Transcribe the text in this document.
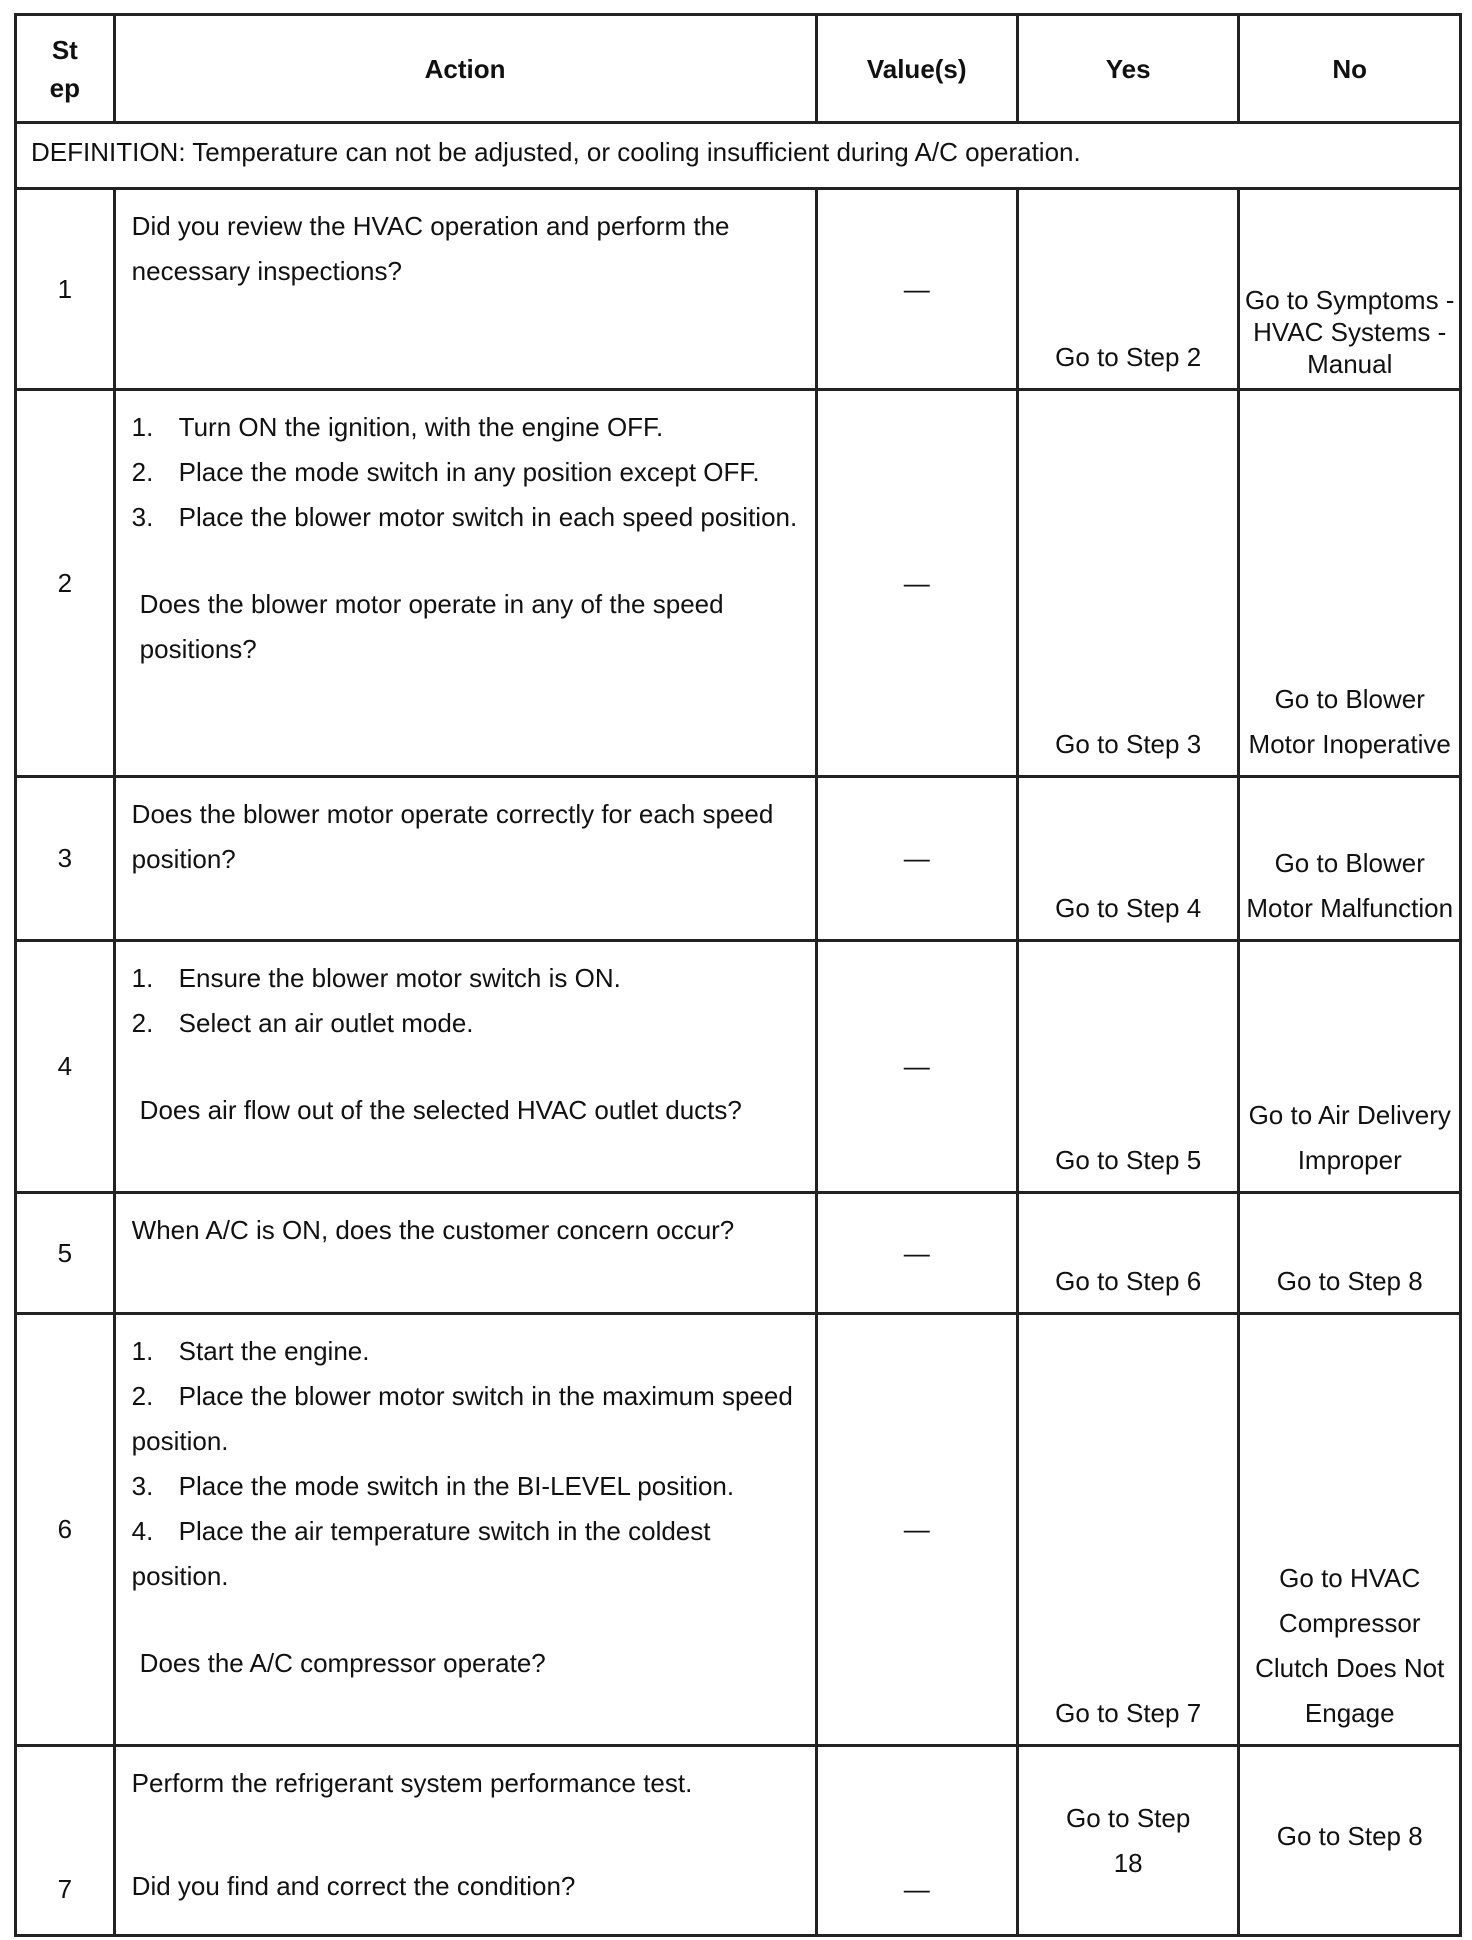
St
ep	Action	Value(s)	Yes	No
DEFINITION: Temperature can not be adjusted, or cooling insufficient during A/C operation.				
1	Did you review the HVAC operation and perform the necessary inspections?	—	Go to Step 2	Go to Symptoms - HVAC Systems - Manual
2	1. Turn ON the ignition, with the engine OFF.
2. Place the mode switch in any position except OFF.
3. Place the blower motor switch in each speed position.
Does the blower motor operate in any of the speed positions?	—	Go to Step 3	Go to Blower Motor Inoperative
3	Does the blower motor operate correctly for each speed position?	—	Go to Step 4	Go to Blower Motor Malfunction
4	1. Ensure the blower motor switch is ON.
2. Select an air outlet mode.
Does air flow out of the selected HVAC outlet ducts?	—	Go to Step 5	Go to Air Delivery Improper
5	When A/C is ON, does the customer concern occur?	—	Go to Step 6	Go to Step 8
6	1. Start the engine.
2. Place the blower motor switch in the maximum speed position.
3. Place the mode switch in the BI-LEVEL position.
4. Place the air temperature switch in the coldest position.
Does the A/C compressor operate?	—	Go to Step 7	Go to HVAC Compressor Clutch Does Not Engage
7	Perform the refrigerant system performance test.
Did you find and correct the condition?	—	Go to Step 18	Go to Step 8
